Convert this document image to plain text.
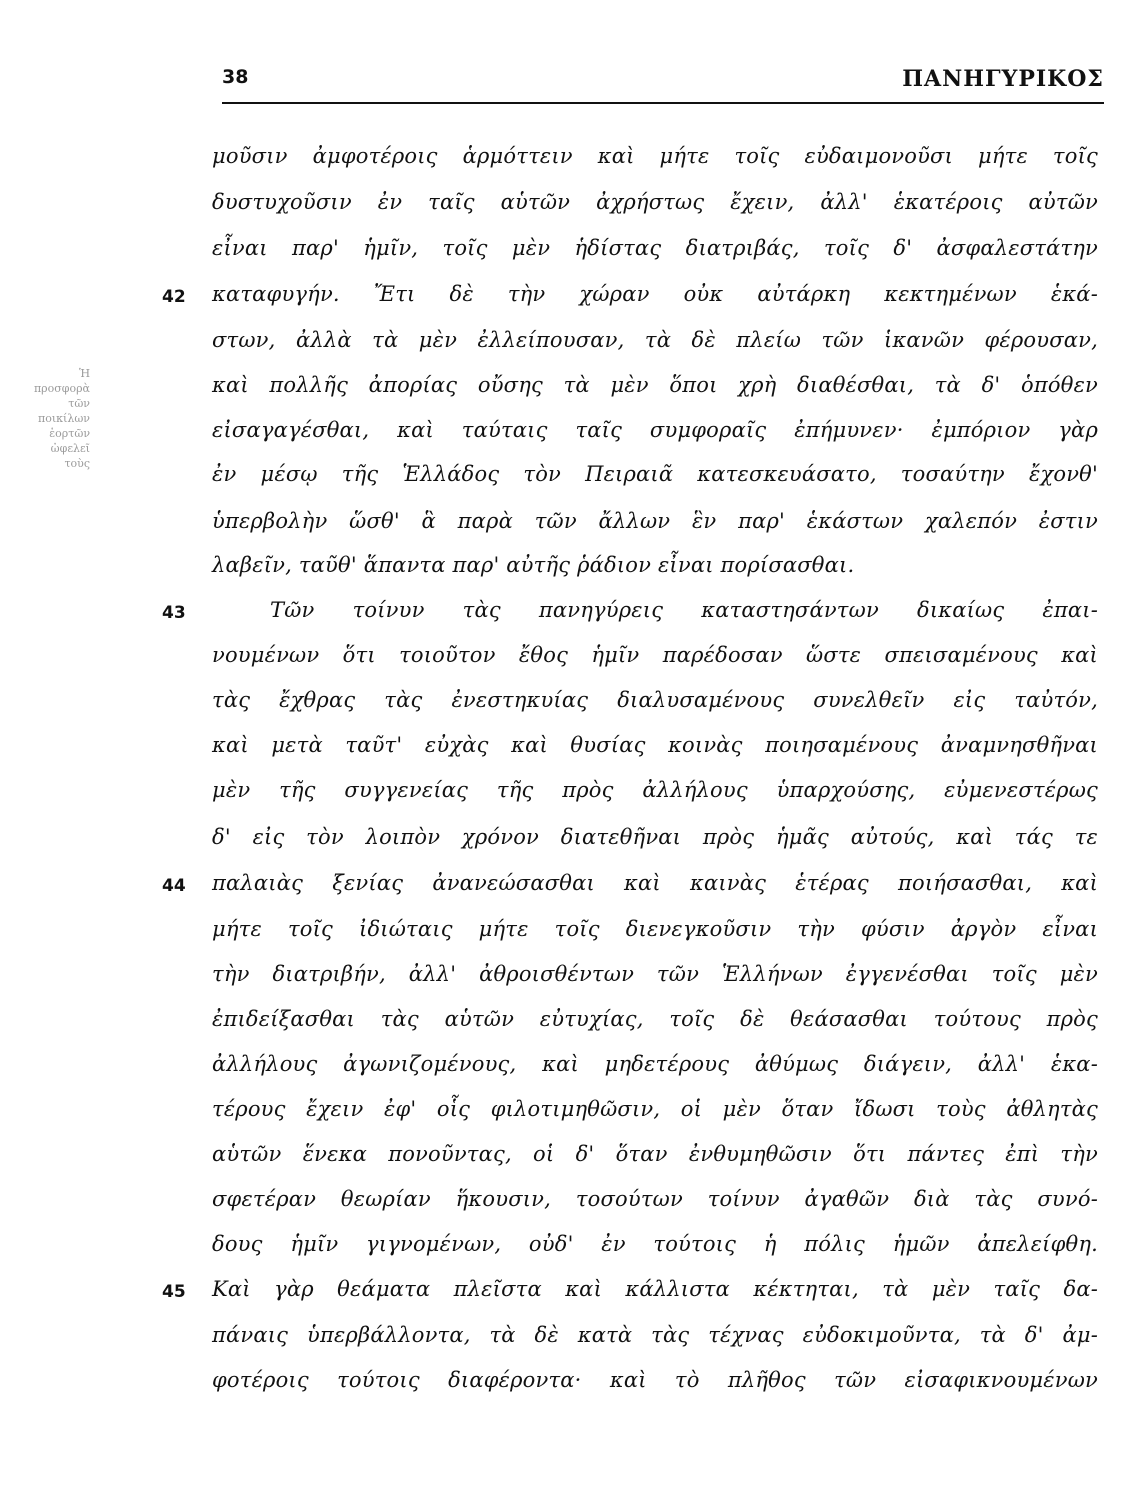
38	ΠΑΝΗΓΥΡΙΚΟΣ
Ἡ προσφορὰ τῶν ποικίλων ἑορτῶν ὠφελεῖ τοὺς
42
43
44
45
μοῦσιν ἀμφοτέροις ἁρμόττειν καὶ μήτε τοῖς εὐδαιμονοῦσι μήτε τοῖς
δυστυχοῦσιν ἐν ταῖς αὑτῶν ἀχρήστως ἔχειν, ἀλλ' ἑκατέροις αὐτῶν
εἶναι παρ' ἡμῖν, τοῖς μὲν ἡδίστας διατριβάς, τοῖς δ' ἀσφαλεστάτην
καταφυγήν. Ἔτι δὲ τὴν χώραν οὐκ αὐτάρκη κεκτημένων ἑκά-
στων, ἀλλὰ τὰ μὲν ἐλλείπουσαν, τὰ δὲ πλείω τῶν ἱκανῶν φέρουσαν,
καὶ πολλῆς ἀπορίας οὔσης τὰ μὲν ὅποι χρὴ διαθέσθαι, τὰ δ' ὁπόθεν
εἰσαγαγέσθαι, καὶ ταύταις ταῖς συμφοραῖς ἐπήμυνεν· ἐμπόριον γὰρ
ἐν μέσῳ τῆς Ἑλλάδος τὸν Πειραιᾶ κατεσκευάσατο, τοσαύτην ἔχονθ'
ὑπερβολὴν ὥσθ' ἃ παρὰ τῶν ἄλλων ἓν παρ' ἑκάστων χαλεπόν ἐστιν
λαβεῖν, ταῦθ' ἅπαντα παρ' αὐτῆς ῥάδιον εἶναι πορίσασθαι.
Τῶν τοίνυν τὰς πανηγύρεις καταστησάντων δικαίως ἐπαι-
νουμένων ὅτι τοιοῦτον ἔθος ἡμῖν παρέδοσαν ὥστε σπεισαμένους καὶ
τὰς ἔχθρας τὰς ἐνεστηκυίας διαλυσαμένους συνελθεῖν εἰς ταὐτόν,
καὶ μετὰ ταῦτ' εὐχὰς καὶ θυσίας κοινὰς ποιησαμένους ἀναμνησθῆναι
μὲν τῆς συγγενείας τῆς πρὸς ἀλλήλους ὑπαρχούσης, εὐμενεστέρως
δ' εἰς τὸν λοιπὸν χρόνον διατεθῆναι πρὸς ἡμᾶς αὐτούς, καὶ τάς τε
παλαιὰς ξενίας ἀνανεώσασθαι καὶ καινὰς ἑτέρας ποιήσασθαι, καὶ
μήτε τοῖς ἰδιώταις μήτε τοῖς διενεγκοῦσιν τὴν φύσιν ἀργὸν εἶναι
τὴν διατριβήν, ἀλλ' ἀθροισθέντων τῶν Ἑλλήνων ἐγγενέσθαι τοῖς μὲν
ἐπιδείξασθαι τὰς αὑτῶν εὐτυχίας, τοῖς δὲ θεάσασθαι τούτους πρὸς
ἀλλήλους ἀγωνιζομένους, καὶ μηδετέρους ἀθύμως διάγειν, ἀλλ' ἑκα-
τέρους ἔχειν ἐφ' οἷς φιλοτιμηθῶσιν, οἱ μὲν ὅταν ἴδωσι τοὺς ἀθλητὰς
αὑτῶν ἕνεκα πονοῦντας, οἱ δ' ὅταν ἐνθυμηθῶσιν ὅτι πάντες ἐπὶ τὴν
σφετέραν θεωρίαν ἥκουσιν, τοσούτων τοίνυν ἀγαθῶν διὰ τὰς συνό-
δους ἡμῖν γιγνομένων, οὐδ' ἐν τούτοις ἡ πόλις ἡμῶν ἀπελείφθη.
Καὶ γὰρ θεάματα πλεῖστα καὶ κάλλιστα κέκτηται, τὰ μὲν ταῖς δα-
πάναις ὑπερβάλλοντα, τὰ δὲ κατὰ τὰς τέχνας εὐδοκιμοῦντα, τὰ δ' ἀμ-
φοτέροις τούτοις διαφέροντα· καὶ τὸ πλῆθος τῶν εἰσαφικνουμένων
